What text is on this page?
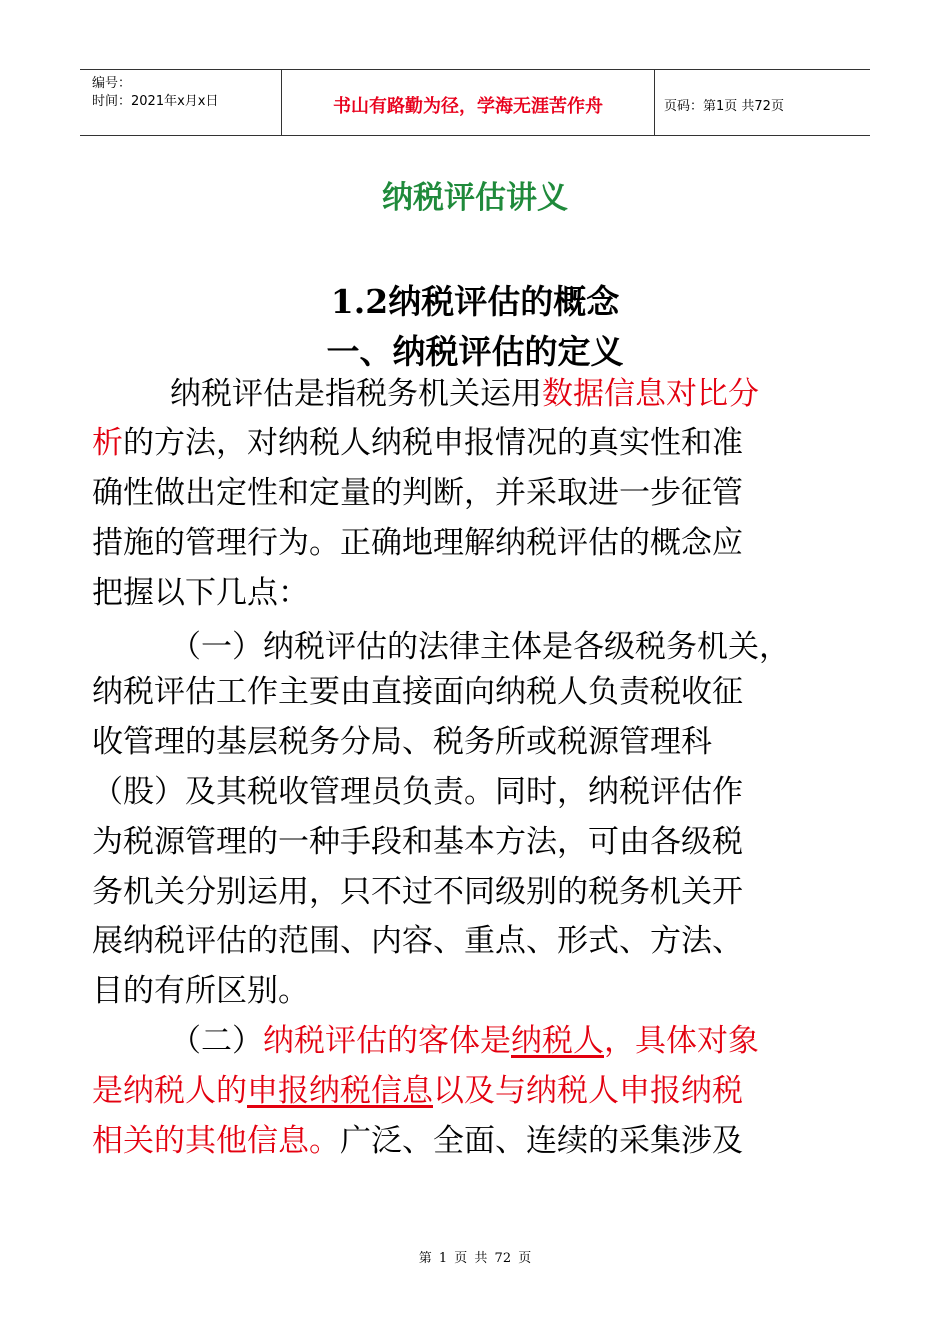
编号：
时间：2021年x月x日	书山有路勤为径，学海无涯苦作舟	页码：第1页 共72页
纳税评估讲义
1.2纳税评估的概念
一、纳税评估的定义
纳税评估是指税务机关运用数据信息对比分
析的方法，对纳税人纳税申报情况的真实性和准
确性做出定性和定量的判断，并采取进一步征管
措施的管理行为。正确地理解纳税评估的概念应
把握以下几点：
（一）纳税评估的法律主体是各级税务机关，
纳税评估工作主要由直接面向纳税人负责税收征
收管理的基层税务分局、税务所或税源管理科
（股）及其税收管理员负责。同时，纳税评估作
为税源管理的一种手段和基本方法，可由各级税
务机关分别运用，只不过不同级别的税务机关开
展纳税评估的范围、内容、重点、形式、方法、
目的有所区别。
（二）纳税评估的客体是纳税人，具体对象
是纳税人的申报纳税信息以及与纳税人申报纳税
相关的其他信息。广泛、全面、连续的采集涉及
第 1 页 共 72 页
